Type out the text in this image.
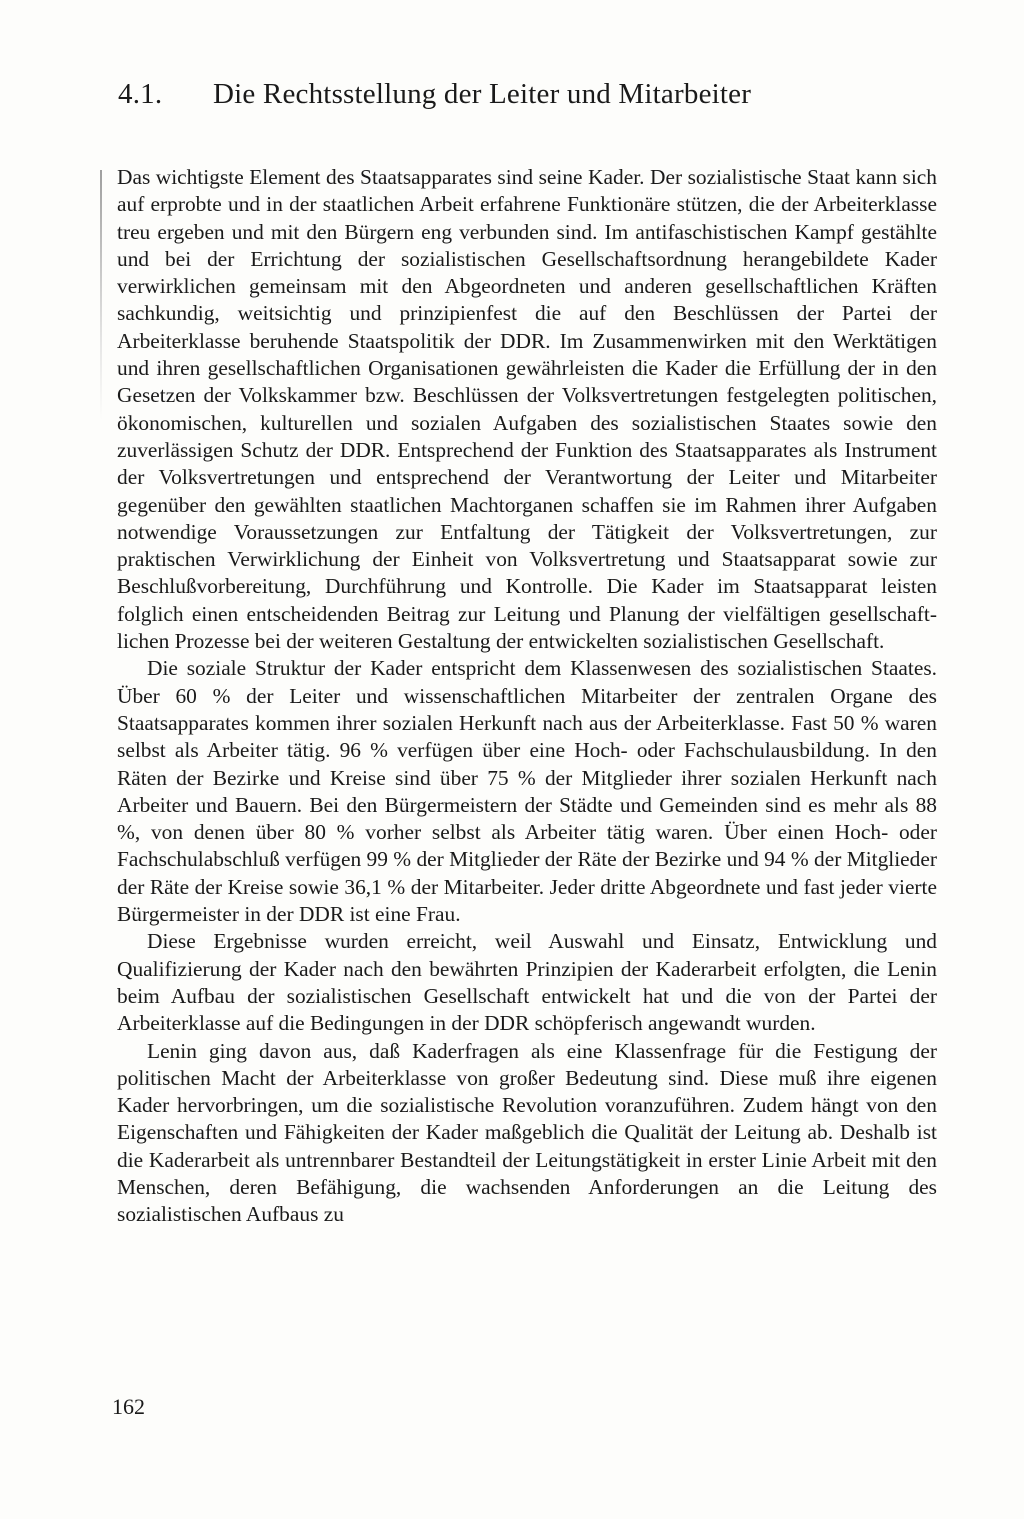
4.1. Die Rechtsstellung der Leiter und Mitarbeiter

Das wichtigste Element des Staatsapparates sind seine Kader. Der sozialistische Staat kann sich auf erprobte und in der staatlichen Arbeit erfahrene Funktionäre stützen, die der Arbeiterklasse treu ergeben und mit den Bürgern eng verbunden sind. Im antifaschistischen Kampf gestählte und bei der Errichtung der sozialistischen Gesellschaftsordnung herangebildete Kader verwirklichen gemeinsam mit den Abgeordneten und anderen gesellschaftlichen Kräften sachkundig, weitsichtig und prinzipienfest die auf den Beschlüssen der Partei der Arbeiterklasse beruhende Staatspolitik der DDR. Im Zusammenwirken mit den Werktätigen und ihren gesellschaftlichen Organisationen gewährleisten die Kader die Erfüllung der in den Gesetzen der Volkskammer bzw. Beschlüssen der Volksvertretungen festgelegten politischen, ökonomischen, kulturellen und sozialen Aufgaben des sozialistischen Staates sowie den zuverlässigen Schutz der DDR. Entsprechend der Funktion des Staatsapparates als Instrument der Volksvertretungen und entsprechend der Verantwortung der Leiter und Mitarbeiter gegenüber den gewählten staatlichen Machtorganen schaffen sie im Rahmen ihrer Aufgaben notwendige Voraussetzungen zur Entfaltung der Tätigkeit der Volksvertretungen, zur praktischen Verwirklichung der Einheit von Volksvertretung und Staatsapparat sowie zur Beschlußvorbereitung, Durchführung und Kontrolle. Die Kader im Staatsapparat leisten folglich einen entscheidenden Beitrag zur Leitung und Planung der vielfältigen gesellschaftlichen Prozesse bei der weiteren Gestaltung der entwickelten sozialistischen Gesellschaft.

Die soziale Struktur der Kader entspricht dem Klassenwesen des sozialistischen Staates. Über 60 % der Leiter und wissenschaftlichen Mitarbeiter der zentralen Organe des Staatsapparates kommen ihrer sozialen Herkunft nach aus der Arbeiterklasse. Fast 50 % waren selbst als Arbeiter tätig. 96 % verfügen über eine Hoch- oder Fachschulausbildung. In den Räten der Bezirke und Kreise sind über 75 % der Mitglieder ihrer sozialen Herkunft nach Arbeiter und Bauern. Bei den Bürgermeistern der Städte und Gemeinden sind es mehr als 88 %, von denen über 80 % vorher selbst als Arbeiter tätig waren. Über einen Hoch- oder Fachschulabschluß verfügen 99 % der Mitglieder der Räte der Bezirke und 94 % der Mitglieder der Räte der Kreise sowie 36,1 % der Mitarbeiter. Jeder dritte Abgeordnete und fast jeder vierte Bürgermeister in der DDR ist eine Frau.

Diese Ergebnisse wurden erreicht, weil Auswahl und Einsatz, Entwicklung und Qualifizierung der Kader nach den bewährten Prinzipien der Kaderarbeit erfolgten, die Lenin beim Aufbau der sozialistischen Gesellschaft entwickelt hat und die von der Partei der Arbeiterklasse auf die Bedingungen in der DDR schöpferisch angewandt wurden.

Lenin ging davon aus, daß Kaderfragen als eine Klassenfrage für die Festigung der politischen Macht der Arbeiterklasse von großer Bedeutung sind. Diese muß ihre eigenen Kader hervorbringen, um die sozialistische Revolution voranzuführen. Zudem hängt von den Eigenschaften und Fähigkeiten der Kader maßgeblich die Qualität der Leitung ab. Deshalb ist die Kaderarbeit als untrennbarer Bestandteil der Leitungstätigkeit in erster Linie Arbeit mit den Menschen, deren Befähigung, die wachsenden Anforderungen an die Leitung des sozialistischen Aufbaus zu

162
